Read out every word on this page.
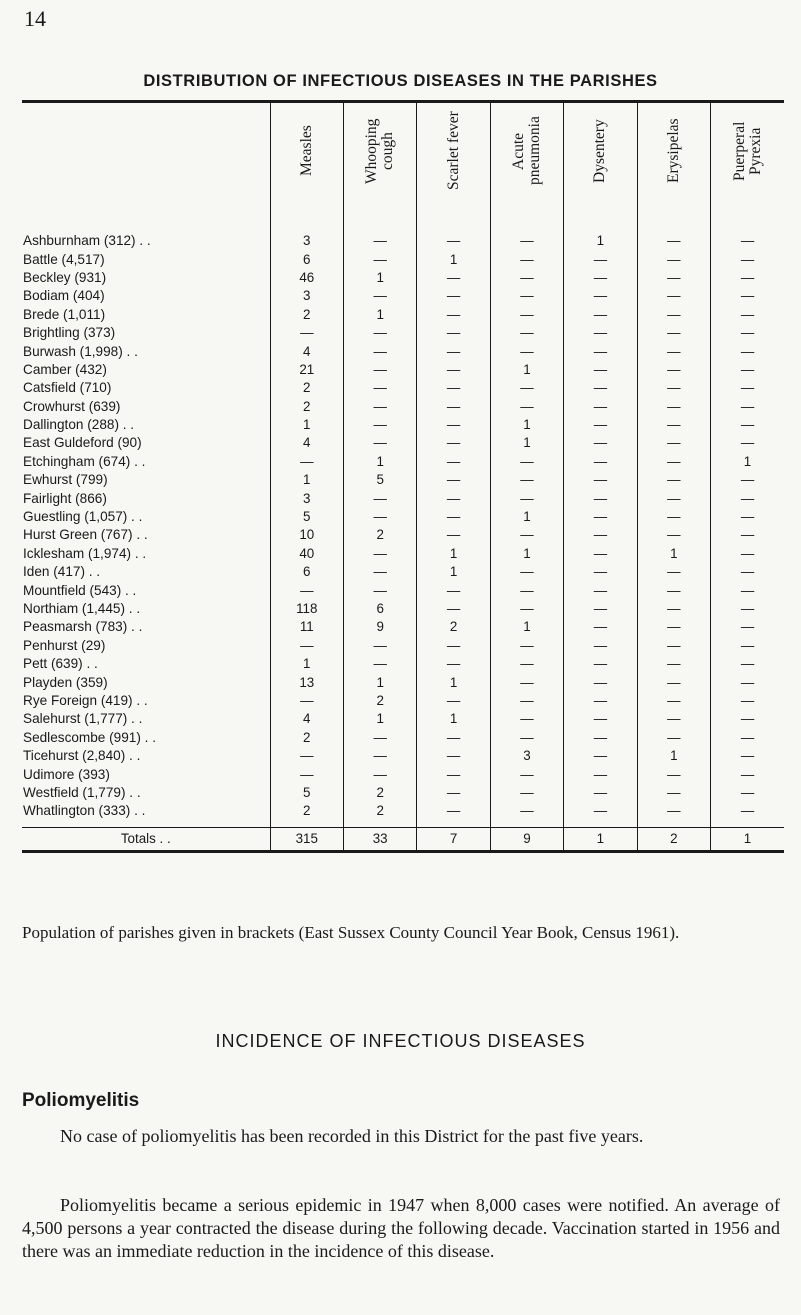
14
DISTRIBUTION OF INFECTIOUS DISEASES IN THE PARISHES

	Measles	Whooping cough	Scarlet fever	Acute pneumonia	Dysentery	Erysipelas	Puerperal Pyrexia

Ashburnham (312) . .	3	—	—	—	1	—	—
Battle (4,517)	6	—	1	—	—	—	—
Beckley (931)	46	1	—	—	—	—	—
Bodiam (404)	3	—	—	—	—	—	—
Brede (1,011)	2	1	—	—	—	—	—
Brightling (373)	—	—	—	—	—	—	—
Burwash (1,998) . .	4	—	—	—	—	—	—
Camber (432)	21	—	—	1	—	—	—
Catsfield (710)	2	—	—	—	—	—	—
Crowhurst (639)	2	—	—	—	—	—	—
Dallington (288) . .	1	—	—	1	—	—	—
East Guldeford (90)	4	—	—	1	—	—	—
Etchingham (674) . .	—	1	—	—	—	—	1
Ewhurst (799)	1	5	—	—	—	—	—
Fairlight (866)	3	—	—	—	—	—	—
Guestling (1,057) . .	5	—	—	1	—	—	—
Hurst Green (767) . .	10	2	—	—	—	—	—
Icklesham (1,974) . .	40	—	1	1	—	1	—
Iden (417) . .	6	—	1	—	—	—	—
Mountfield (543) . .	—	—	—	—	—	—	—
Northiam (1,445) . .	118	6	—	—	—	—	—
Peasmarsh (783) . .	11	9	2	1	—	—	—
Penhurst (29)	—	—	—	—	—	—	—
Pett (639) . .	1	—	—	—	—	—	—
Playden (359)	13	1	1	—	—	—	—
Rye Foreign (419) . .	—	2	—	—	—	—	—
Salehurst (1,777) . .	4	1	1	—	—	—	—
Sedlescombe (991) . .	2	—	—	—	—	—	—
Ticehurst (2,840) . .	—	—	—	3	—	1	—
Udimore (393)	—	—	—	—	—	—	—
Westfield (1,779) . .	5	2	—	—	—	—	—
Whatlington (333) . .	2	2	—	—	—	—	—
Totals . .	315	33	7	9	1	2	1
Population of parishes given in brackets (East Sussex County Council Year Book, Census 1961).
INCIDENCE OF INFECTIOUS DISEASES
Poliomyelitis
No case of poliomyelitis has been recorded in this District for the past five years.
Poliomyelitis became a serious epidemic in 1947 when 8,000 cases were notified. An average of 4,500 persons a year contracted the disease during the following decade. Vaccination started in 1956 and there was an immediate reduction in the incidence of this disease.
